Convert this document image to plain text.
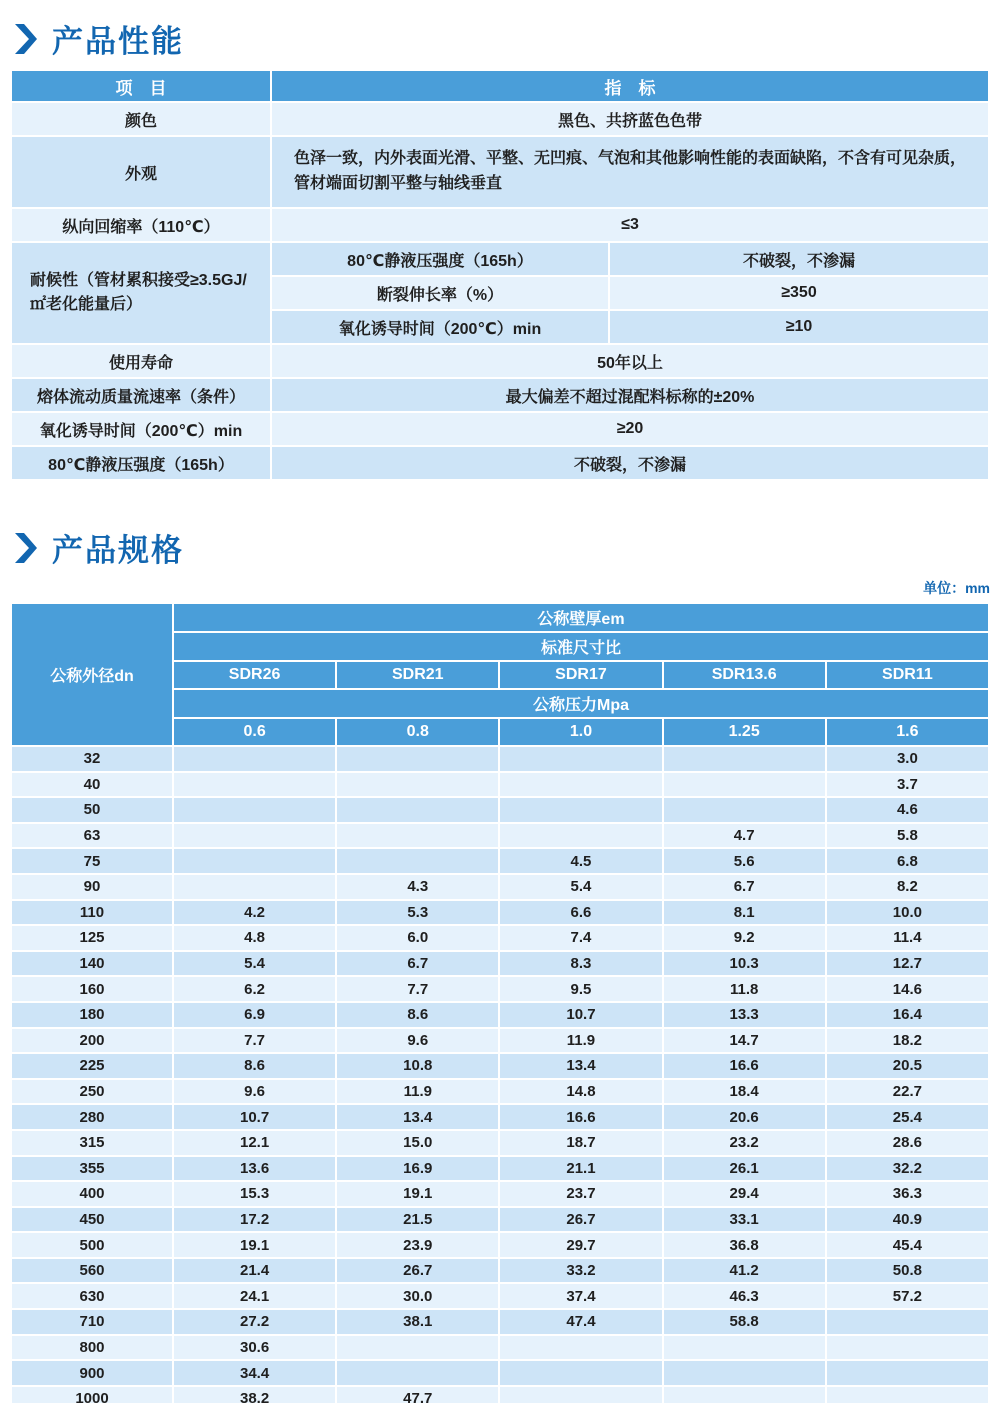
产品性能
项　目	指　标	
颜色	黑色、共挤蓝色色带	
外观	色泽一致，内外表面光滑、平整、无凹痕、气泡和其他影响性能的表面缺陷，不含有可见杂质，管材端面切割平整与轴线垂直	
纵向回缩率（110℃）	≤3	
耐候性（管材累积接受≥3.5GJ/㎡老化能量后）	80℃静液压强度（165h）	不破裂，不渗漏
	断裂伸长率（%）	≥350
	氧化诱导时间（200℃）min	≥10
使用寿命	50年以上	
熔体流动质量流速率（条件）	最大偏差不超过混配料标称的±20%	
氧化诱导时间（200℃）min	≥20	
80℃静液压强度（165h）	不破裂，不渗漏	
产品规格
单位：mm
公称外径dn	公称壁厚em				
	标准尺寸比				
	SDR26	SDR21	SDR17	SDR13.6	SDR11
	公称压力Mpa				
	0.6	0.8	1.0	1.25	1.6
32					3.0
40					3.7
50					4.6
63				4.7	5.8
75			4.5	5.6	6.8
90		4.3	5.4	6.7	8.2
110	4.2	5.3	6.6	8.1	10.0
125	4.8	6.0	7.4	9.2	11.4
140	5.4	6.7	8.3	10.3	12.7
160	6.2	7.7	9.5	11.8	14.6
180	6.9	8.6	10.7	13.3	16.4
200	7.7	9.6	11.9	14.7	18.2
225	8.6	10.8	13.4	16.6	20.5
250	9.6	11.9	14.8	18.4	22.7
280	10.7	13.4	16.6	20.6	25.4
315	12.1	15.0	18.7	23.2	28.6
355	13.6	16.9	21.1	26.1	32.2
400	15.3	19.1	23.7	29.4	36.3
450	17.2	21.5	26.7	33.1	40.9
500	19.1	23.9	29.7	36.8	45.4
560	21.4	26.7	33.2	41.2	50.8
630	24.1	30.0	37.4	46.3	57.2
710	27.2	38.1	47.4	58.8	
800	30.6				
900	34.4				
1000	38.2	47.7			
